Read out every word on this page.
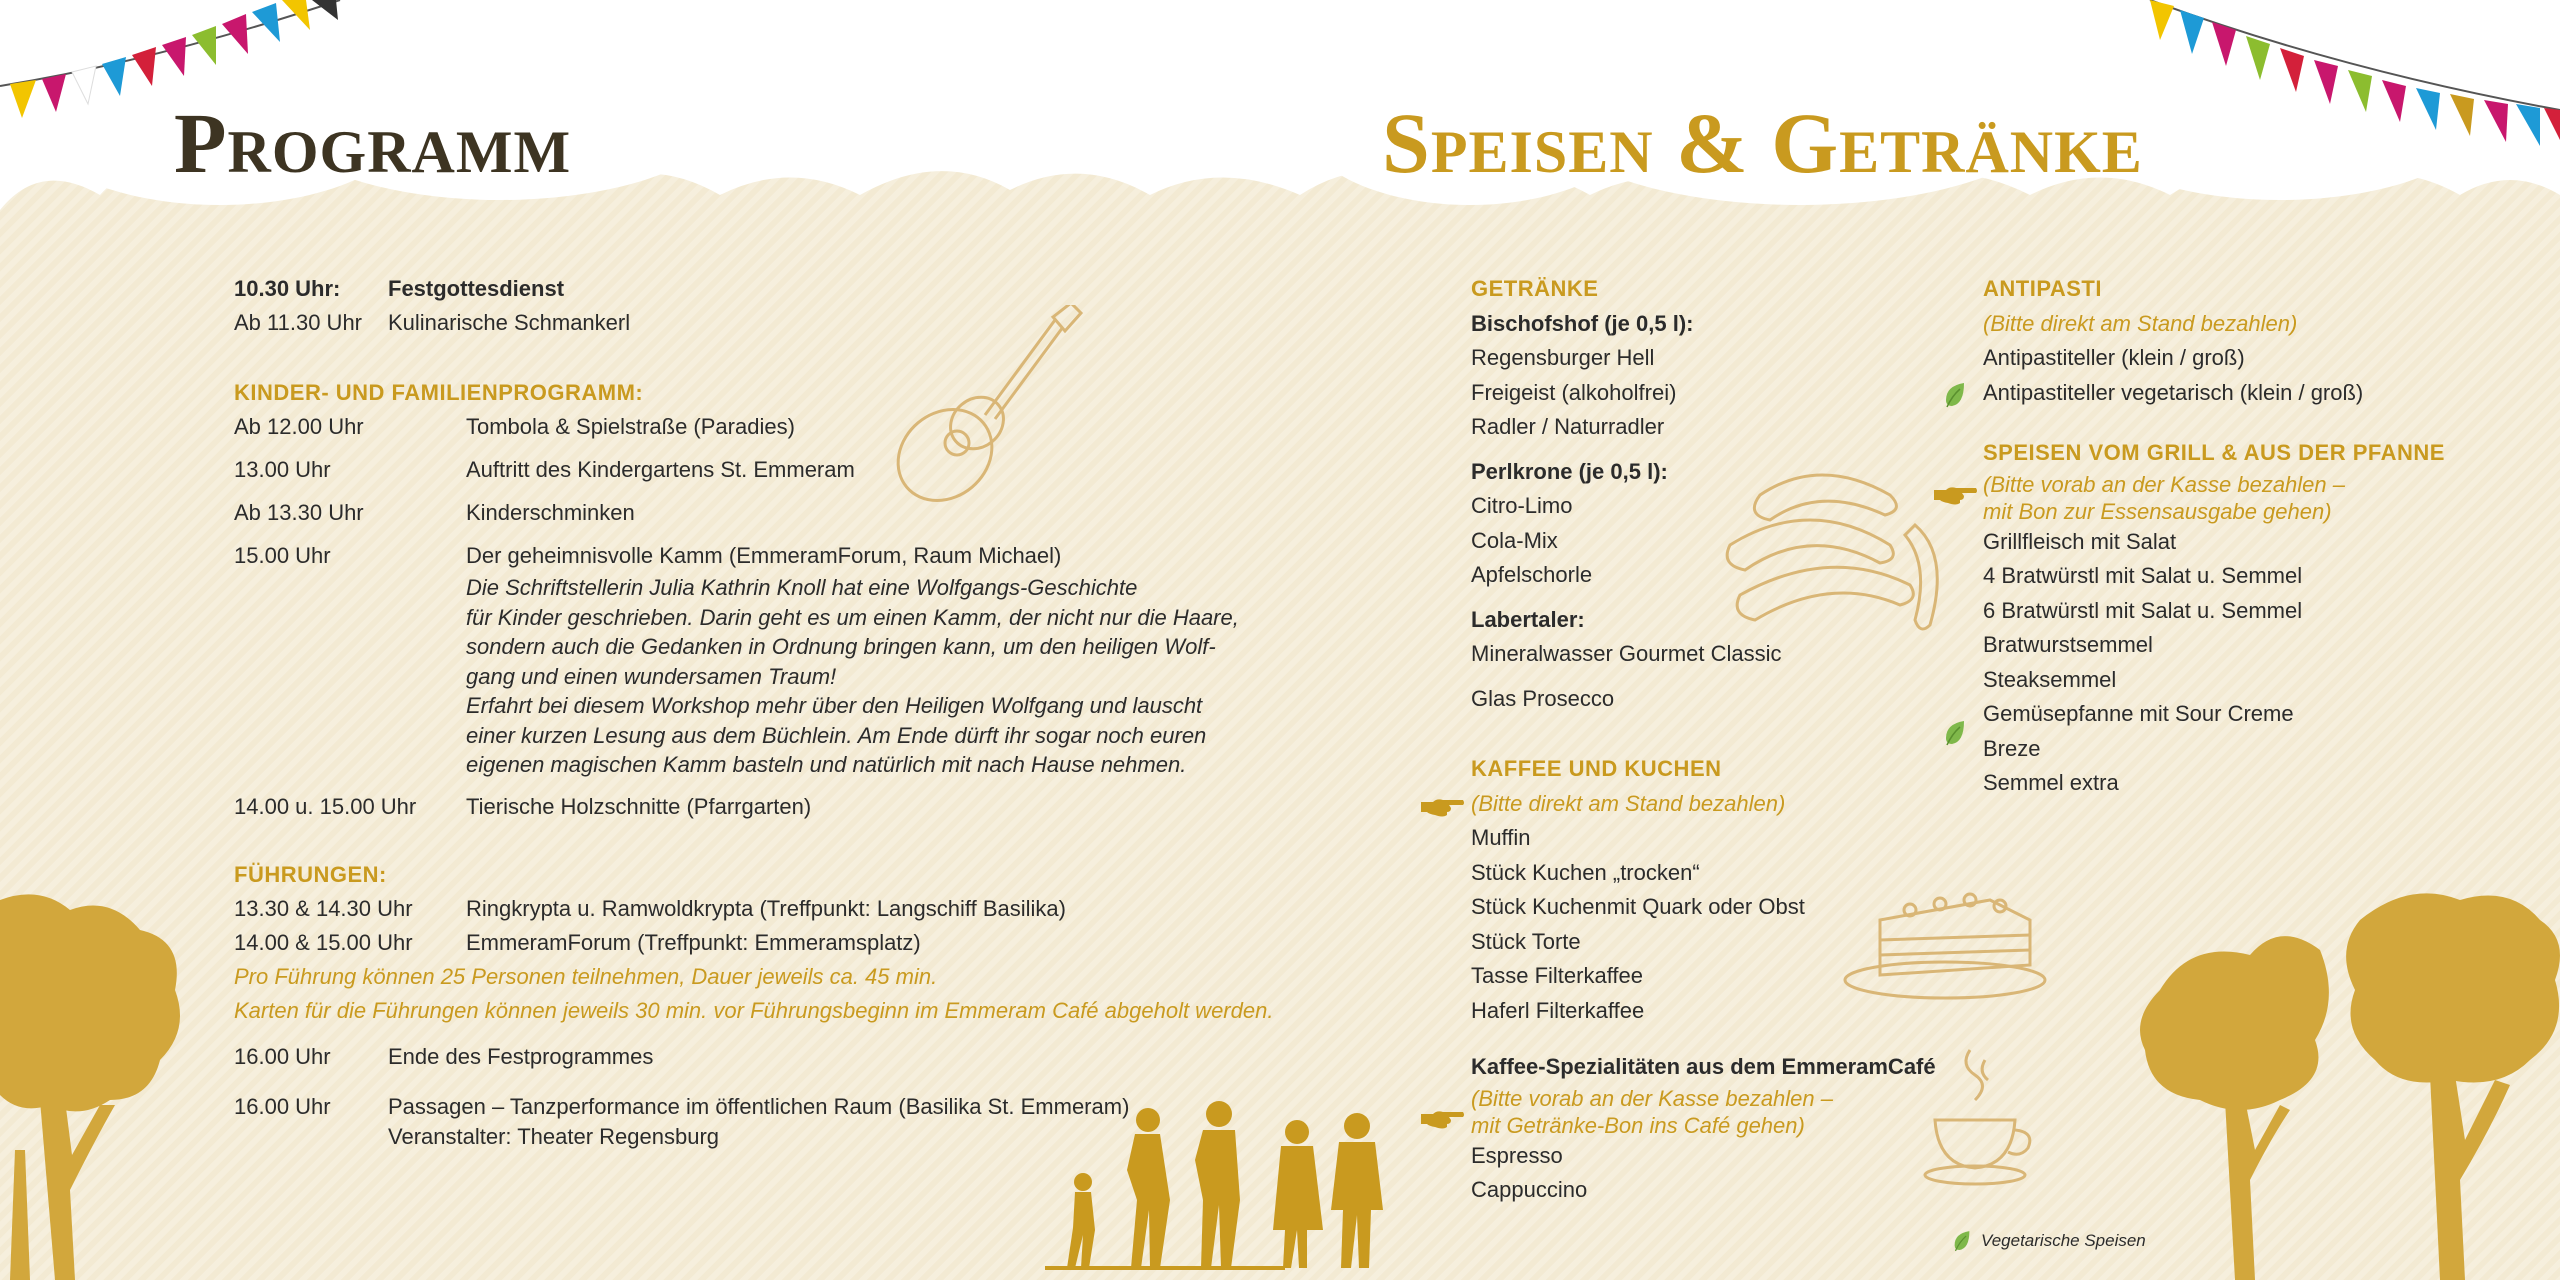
Programm	Speisen & Getränke
10.30 Uhr:	Festgottesdienst
Ab 11.30 Uhr	Kulinarische Schmankerl
KINDER- UND FAMILIENPROGRAMM:
Ab 12.00 Uhr	Tombola & Spielstraße (Paradies)
13.00 Uhr	Auftritt des Kindergartens St. Emmeram
Ab 13.30 Uhr	Kinderschminken
15.00 Uhr	Der geheimnisvolle Kamm (EmmeramForum, Raum Michael)
Die Schriftstellerin Julia Kathrin Knoll hat eine Wolfgangs-Geschichte
für Kinder geschrieben. Darin geht es um einen Kamm, der nicht nur die Haare,
sondern auch die Gedanken in Ordnung bringen kann, um den heiligen Wolf-
gang und einen wundersamen Traum!
Erfahrt bei diesem Workshop mehr über den Heiligen Wolfgang und lauscht
einer kurzen Lesung aus dem Büchlein. Am Ende dürft ihr sogar noch euren
eigenen magischen Kamm basteln und natürlich mit nach Hause nehmen.
14.00 u. 15.00 Uhr	Tierische Holzschnitte (Pfarrgarten)
FÜHRUNGEN:
13.30 & 14.30 Uhr	Ringkrypta u. Ramwoldkrypta (Treffpunkt: Langschiff Basilika)
14.00 & 15.00 Uhr	EmmeramForum (Treffpunkt: Emmeramsplatz)
Pro Führung können 25 Personen teilnehmen, Dauer jeweils ca. 45 min.
Karten für die Führungen können jeweils 30 min. vor Führungsbeginn im Emmeram Café abgeholt werden.
16.00 Uhr	Ende des Festprogrammes
16.00 Uhr	Passagen – Tanzperformance im öffentlichen Raum (Basilika St. Emmeram)
Veranstalter: Theater Regensburg
GETRÄNKE
Bischofshof (je 0,5 l):
Regensburger Hell
Freigeist (alkoholfrei)
Radler / Naturradler
Perlkrone (je 0,5 l):
Citro-Limo
Cola-Mix
Apfelschorle
Labertaler:
Mineralwasser Gourmet Classic
Glas Prosecco
KAFFEE UND KUCHEN
(Bitte direkt am Stand bezahlen)
Muffin
Stück Kuchen „trocken“
Stück Kuchenmit Quark oder Obst
Stück Torte
Tasse Filterkaffee
Haferl Filterkaffee
Kaffee-Spezialitäten aus dem EmmeramCafé
(Bitte vorab an der Kasse bezahlen –
mit Getränke-Bon ins Café gehen)
Espresso
Cappuccino
ANTIPASTI
(Bitte direkt am Stand bezahlen)
Antipastiteller (klein / groß)
Antipastiteller vegetarisch (klein / groß)
SPEISEN VOM GRILL & AUS DER PFANNE
(Bitte vorab an der Kasse bezahlen –
mit Bon zur Essensausgabe gehen)
Grillfleisch mit Salat
4 Bratwürstl mit Salat u. Semmel
6 Bratwürstl mit Salat u. Semmel
Bratwurstsemmel
Steaksemmel
Gemüsepfanne mit Sour Creme
Breze
Semmel extra
Vegetarische Speisen
